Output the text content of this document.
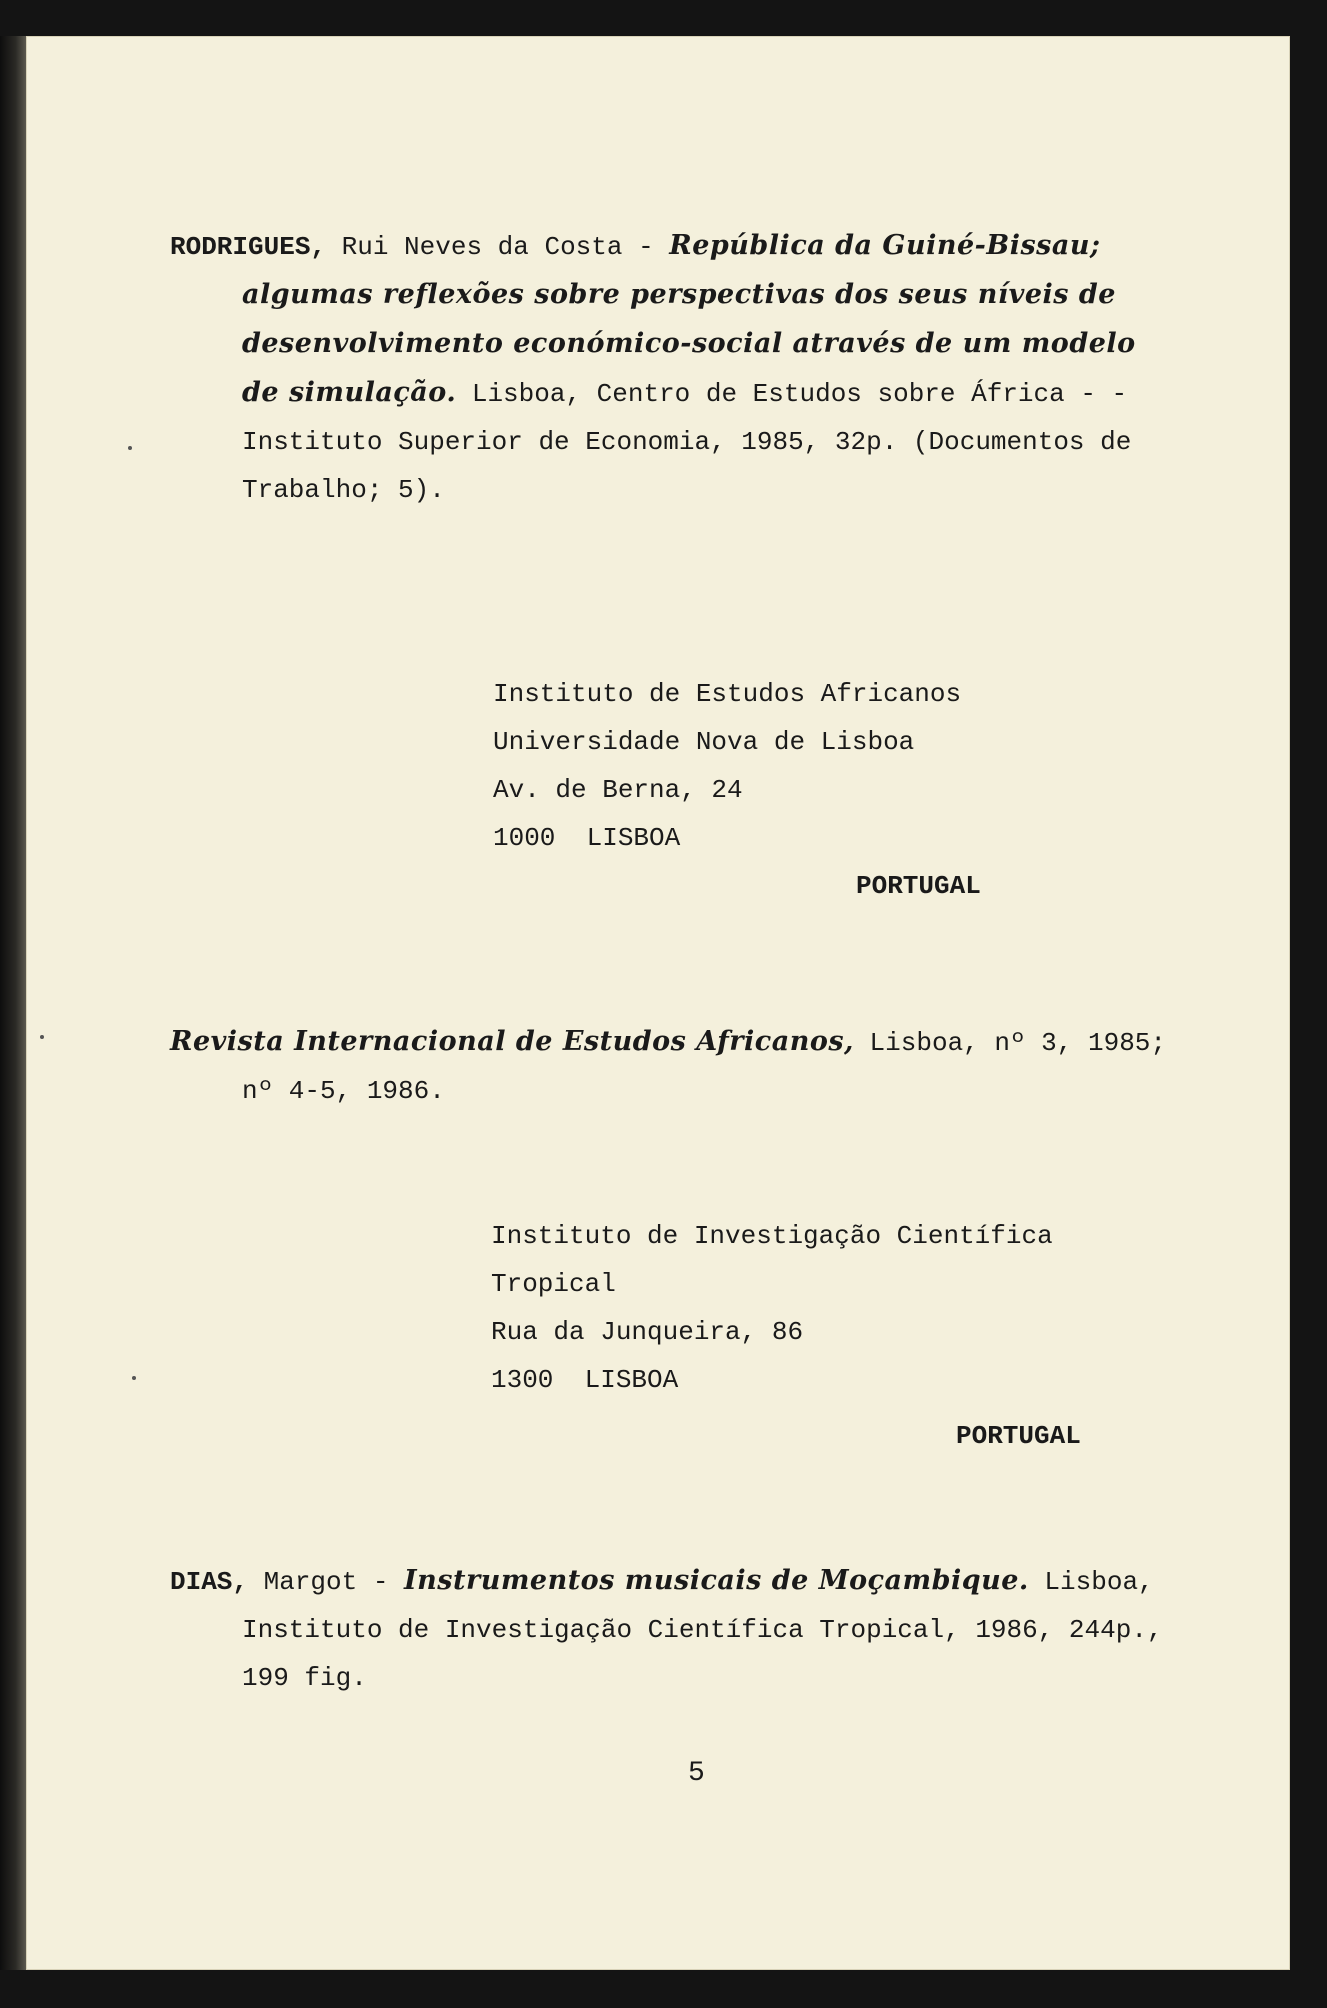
RODRIGUES, Rui Neves da Costa - República da Guiné-Bissau; algumas reflexões sobre perspectivas dos seus níveis de desenvolvimento económico-social através de um modelo de simulação. Lisboa, Centro de Estudos sobre África - - Instituto Superior de Economia, 1985, 32p. (Documentos de Trabalho; 5).

Instituto de Estudos Africanos
Universidade Nova de Lisboa
Av. de Berna, 24
1000  LISBOA
PORTUGAL

Revista Internacional de Estudos Africanos, Lisboa, nº 3, 1985; nº 4-5, 1986.

Instituto de Investigação Científica
Tropical
Rua da Junqueira, 86
1300  LISBOA
PORTUGAL

DIAS, Margot - Instrumentos musicais de Moçambique. Lisboa, Instituto de Investigação Científica Tropical, 1986, 244p., 199 fig.

5
